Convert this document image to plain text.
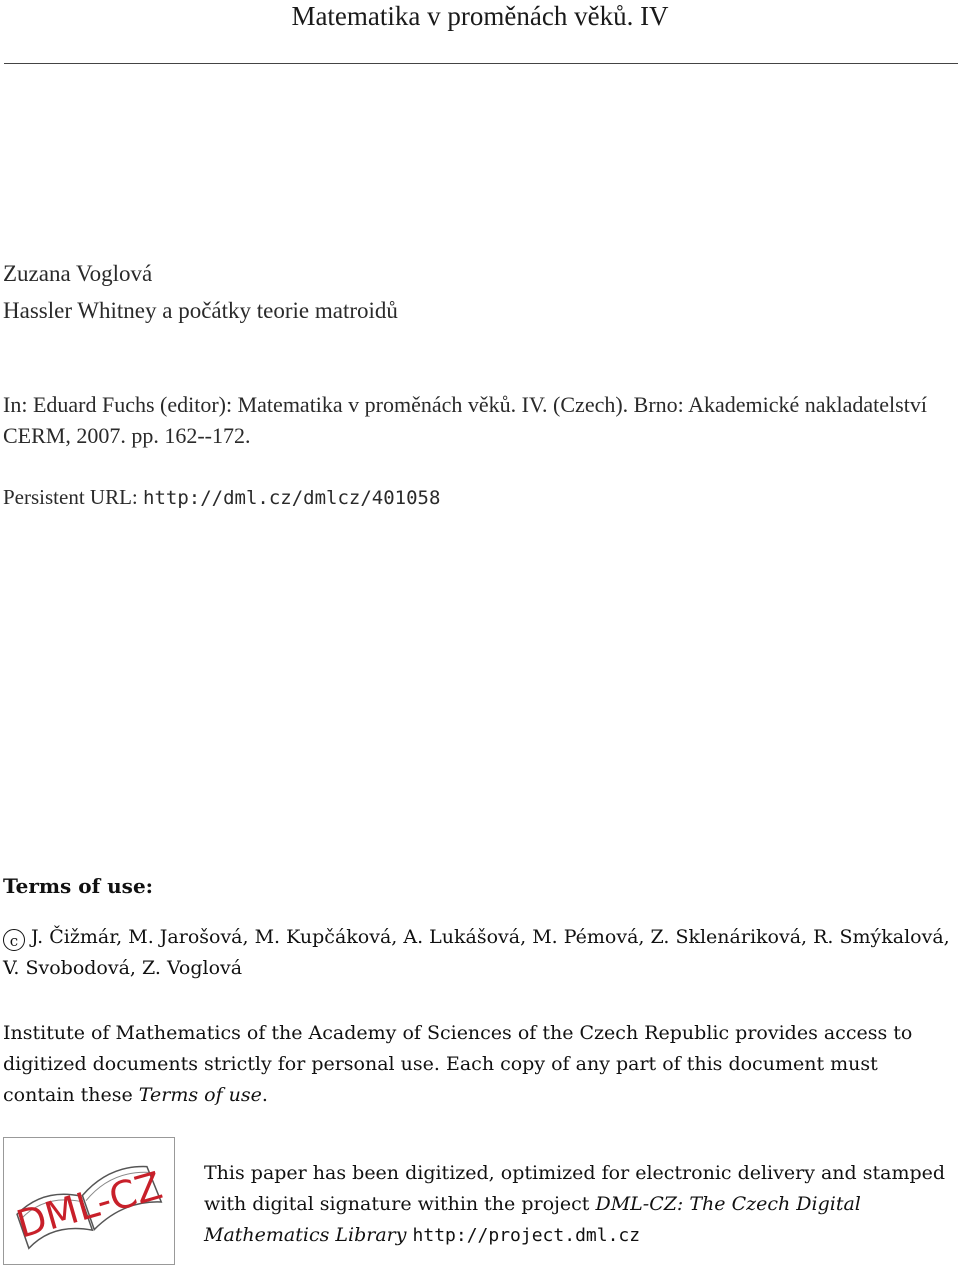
Matematika v proměnách věků. IV
Zuzana Voglová
Hassler Whitney a počátky teorie matroidů
In: Eduard Fuchs (editor): Matematika v proměnách věků. IV. (Czech). Brno: Akademické nakladatelství CERM, 2007. pp. 162--172.
Persistent URL: http://dml.cz/dmlcz/401058
Terms of use:
c J. Čižmár, M. Jarošová, M. Kupčáková, A. Lukášová, M. Pémová, Z. Sklenáriková, R. Smýkalová, V. Svobodová, Z. Voglová
Institute of Mathematics of the Academy of Sciences of the Czech Republic provides access to digitized documents strictly for personal use. Each copy of any part of this document must contain these Terms of use.
DML-CZ This paper has been digitized, optimized for electronic delivery and stamped with digital signature within the project DML-CZ: The Czech Digital Mathematics Library http://project.dml.cz
